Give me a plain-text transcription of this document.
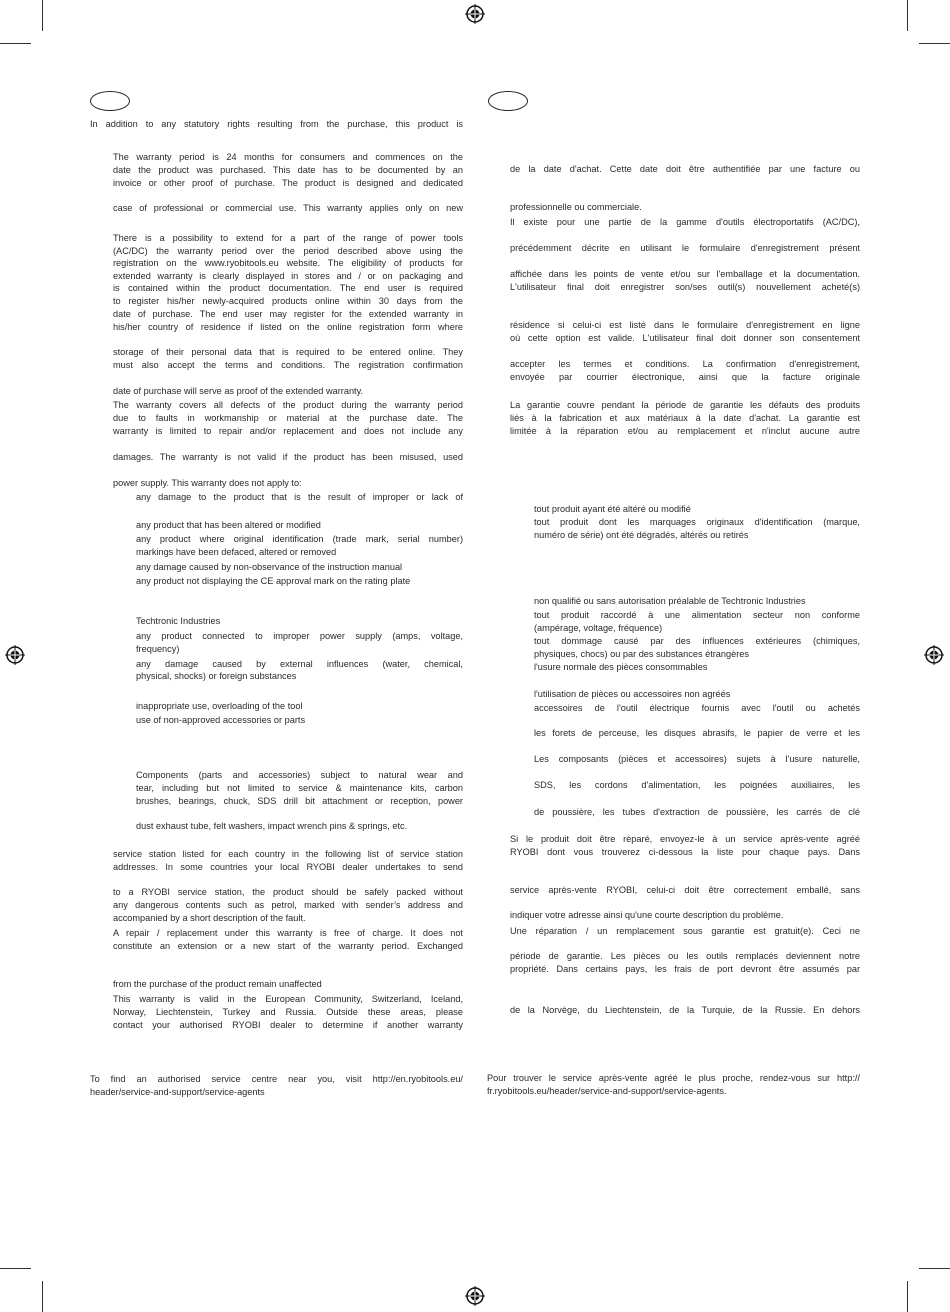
In addition to any statutory rights resulting from the purchase, this product is
The warranty period is 24 months for consumers and commences on the
date the product was purchased. This date has to be documented by an
invoice or other proof of purchase. The product is designed and dedicated
case of professional or commercial use. This warranty applies only on new
There is a possibility to extend for a part of the range of power tools
(AC/DC) the warranty period over the period described above using the
registration on the www.ryobitools.eu website. The eligibility of products for
extended warranty is clearly displayed in stores and / or on packaging and
is contained within the product documentation. The end user is required
to register his/her newly-acquired products online within 30 days from the
date of purchase. The end user may register for the extended warranty in
his/her country of residence if listed on the online registration form where
storage of their personal data that is required to be entered online. They
must also accept the terms and conditions. The registration confirmation
date of purchase will serve as proof of the extended warranty.
The warranty covers all defects of the product during the warranty period
due to faults in workmanship or material at the purchase date. The
warranty is limited to repair and/or replacement and does not include any
damages. The warranty is not valid if the product has been misused, used
power supply. This warranty does not apply to:
any damage to the product that is the result of improper or lack of
any product that has been altered or modified
any product where original identification (trade mark, serial number)
markings have been defaced, altered or removed
any damage caused by non-observance of the instruction manual
any product not displaying the CE approval mark on the rating plate
Techtronic Industries
any product connected to improper power supply (amps, voltage,
frequency)
any damage caused by external influences (water, chemical,
physical, shocks) or foreign substances
inappropriate use, overloading of the tool
use of non-approved accessories or parts
Components (parts and accessories) subject to natural wear and
tear, including but not limited to service & maintenance kits, carbon
brushes, bearings, chuck, SDS drill bit attachment or reception, power
dust exhaust tube, felt washers, impact wrench pins & springs, etc.
service station listed for each country in the following list of service station
addresses. In some countries your local RYOBI dealer undertakes to send
to a RYOBI service station, the product should be safely packed without
any dangerous contents such as petrol, marked with sender’s address and
accompanied by a short description of the fault.
A repair / replacement under this warranty is free of charge. It does not
constitute an extension or a new start of the warranty period. Exchanged
from the purchase of the product remain unaffected
This warranty is valid in the European Community, Switzerland, Iceland,
Norway, Liechtenstein, Turkey and Russia. Outside these areas, please
contact your authorised RYOBI dealer to determine if another warranty
To find an authorised service centre near you, visit http://en.ryobitools.eu/
header/service-and-support/service-agents
de la date d'achat. Cette date doit être authentifiée par une facture ou
professionnelle ou commerciale.
Il existe pour une partie de la gamme d'outils électroportatifs (AC/DC),
précédemment décrite en utilisant le formulaire d'enregistrement présent
affichée dans les points de vente et/ou sur l'emballage et la documentation.
L'utilisateur final doit enregistrer son/ses outil(s) nouvellement acheté(s)
résidence si celui-ci est listé dans le formulaire d'enregistrement en ligne
où cette option est valide. L'utilisateur final doit donner son consentement
accepter les termes et conditions. La confirmation d'enregistrement,
envoyée par courrier électronique, ainsi que la facture originale
La garantie couvre pendant la période de garantie les défauts des produits
liés à la fabrication et aux matériaux à la date d'achat. La garantie est
limitée à la réparation et/ou au remplacement et n'inclut aucune autre
tout produit ayant été altéré ou modifié
tout produit dont les marquages originaux d'identification (marque,
numéro de série) ont été dégradés, altérés ou retirés
non qualifié ou sans autorisation préalable de Techtronic Industries
tout produit raccordé à une alimentation secteur non conforme
(ampérage, voltage, fréquence)
tout dommage causé par des influences extérieures (chimiques,
physiques, chocs) ou par des substances étrangères
l'usure normale des pièces consommables
l'utilisation de pièces ou accessoires non agréés
accessoires de l'outil électrique fournis avec l'outil ou achetés
les forets de perceuse, les disques abrasifs, le papier de verre et les
Les composants (pièces et accessoires) sujets à l'usure naturelle,
SDS, les cordons d'alimentation, les poignées auxiliaires, les
de poussière, les tubes d'extraction de poussière, les carrés de clé
Si le produit doit être réparé, envoyez-le à un service après-vente agréé
RYOBI dont vous trouverez ci-dessous la liste pour chaque pays. Dans
service après-vente RYOBI, celui-ci doit être correctement emballé, sans
indiquer votre adresse ainsi qu'une courte description du problème.
Une réparation / un remplacement sous garantie est gratuit(e). Ceci ne
période de garantie. Les pièces ou les outils remplacés deviennent notre
propriété. Dans certains pays, les frais de port devront être assumés par
de la Norvège, du Liechtenstein, de la Turquie, de la Russie. En dehors
Pour trouver le service après-vente agréé le plus proche, rendez-vous sur http://
fr.ryobitools.eu/header/service-and-support/service-agents.
